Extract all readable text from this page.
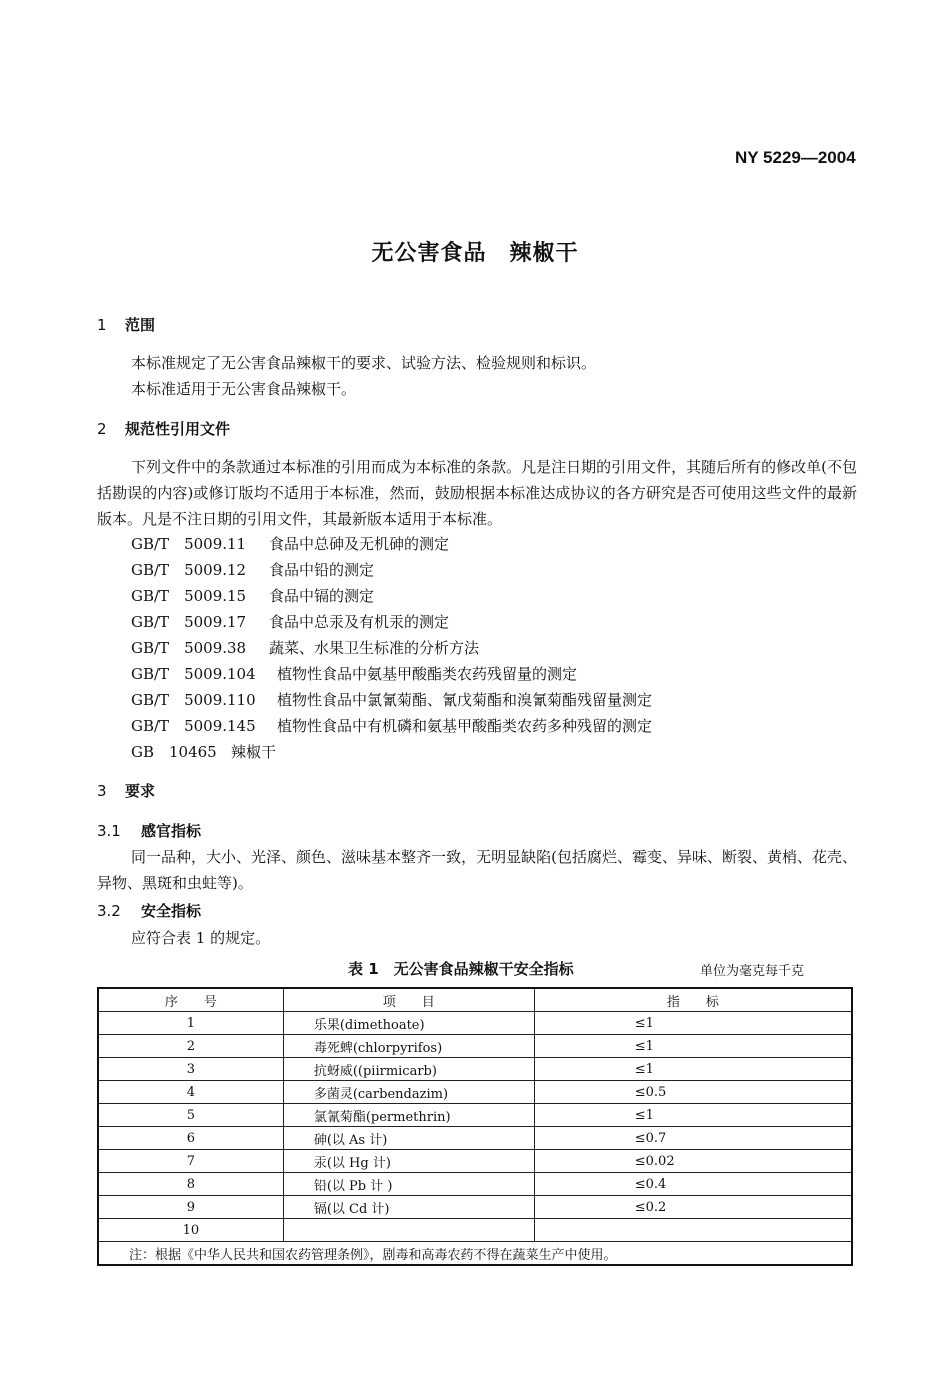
NY 5229—2004
无公害食品　辣椒干
1 范围
本标准规定了无公害食品辣椒干的要求、试验方法、检验规则和标识。
本标准适用于无公害食品辣椒干。
2 规范性引用文件
下列文件中的条款通过本标准的引用而成为本标准的条款。凡是注日期的引用文件，其随后所有的修改单(不包括勘误的内容)或修订版均不适用于本标准，然而，鼓励根据本标准达成协议的各方研究是否可使用这些文件的最新版本。凡是不注日期的引用文件，其最新版本适用于本标准。
GB/T　5009.11 食品中总砷及无机砷的测定
GB/T　5009.12 食品中铅的测定
GB/T　5009.15 食品中镉的测定
GB/T　5009.17 食品中总汞及有机汞的测定
GB/T　5009.38 蔬菜、水果卫生标准的分析方法
GB/T　5009.104 植物性食品中氨基甲酸酯类农药残留量的测定
GB/T　5009.110 植物性食品中氯氰菊酯、氰戊菊酯和溴氰菊酯残留量测定
GB/T　5009.145 植物性食品中有机磷和氨基甲酸酯类农药多种残留的测定
GB　10465 辣椒干
3 要求
3.1 感官指标
同一品种，大小、光泽、颜色、滋味基本整齐一致，无明显缺陷(包括腐烂、霉变、异味、断裂、黄梢、花壳、异物、黑斑和虫蛀等)。
3.2 安全指标
应符合表 1 的规定。
表 1　无公害食品辣椒干安全指标	单位为毫克每千克
序　　号	项　　目	指　　标
1	乐果(dimethoate)	≤1
2	毒死蜱(chlorpyrifos)	≤1
3	抗蚜威((piirmicarb)	≤1
4	多菌灵(carbendazim)	≤0.5
5	氯氰菊酯(permethrin)	≤1
6	砷(以 As 计)	≤0.7
7	汞(以 Hg 计)	≤0.02
8	铅(以 Pb 计 )	≤0.4
9	镉(以 Cd 计)	≤0.2
10		
注：根据《中华人民共和国农药管理条例》，剧毒和高毒农药不得在蔬菜生产中使用。		
